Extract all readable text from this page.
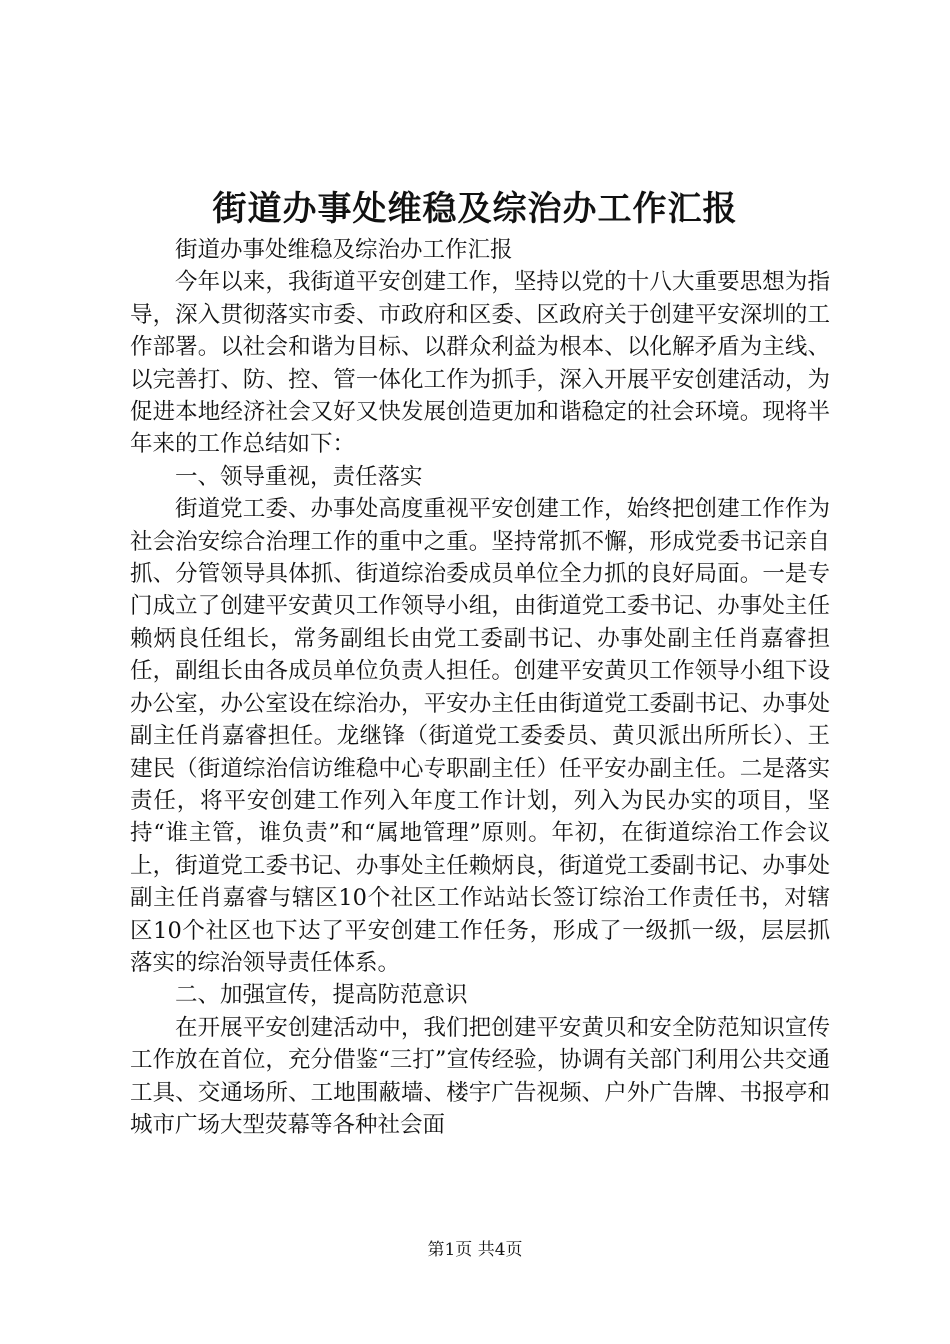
街道办事处维稳及综治办工作汇报

街道办事处维稳及综治办工作汇报

今年以来，我街道平安创建工作，坚持以党的十八大重要思想为指导，深入贯彻落实市委、市政府和区委、区政府关于创建平安深圳的工作部署。以社会和谐为目标、以群众利益为根本、以化解矛盾为主线、以完善打、防、控、管一体化工作为抓手，深入开展平安创建活动，为促进本地经济社会又好又快发展创造更加和谐稳定的社会环境。现将半年来的工作总结如下：

一、领导重视，责任落实

街道党工委、办事处高度重视平安创建工作，始终把创建工作作为社会治安综合治理工作的重中之重。坚持常抓不懈，形成党委书记亲自抓、分管领导具体抓、街道综治委成员单位全力抓的良好局面。一是专门成立了创建平安黄贝工作领导小组，由街道党工委书记、办事处主任赖炳良任组长，常务副组长由党工委副书记、办事处副主任肖嘉睿担任，副组长由各成员单位负责人担任。创建平安黄贝工作领导小组下设办公室，办公室设在综治办，平安办主任由街道党工委副书记、办事处副主任肖嘉睿担任。龙继锋（街道党工委委员、黄贝派出所所长）、王建民（街道综治信访维稳中心专职副主任）任平安办副主任。二是落实责任，将平安创建工作列入年度工作计划，列入为民办实的项目，坚持“谁主管，谁负责”和“属地管理”原则。年初，在街道综治工作会议上，街道党工委书记、办事处主任赖炳良，街道党工委副书记、办事处副主任肖嘉睿与辖区10个社区工作站站长签订综治工作责任书，对辖区10个社区也下达了平安创建工作任务，形成了一级抓一级，层层抓落实的综治领导责任体系。

二、加强宣传，提高防范意识

在开展平安创建活动中，我们把创建平安黄贝和安全防范知识宣传工作放在首位，充分借鉴“三打”宣传经验，协调有关部门利用公共交通工具、交通场所、工地围蔽墙、楼宇广告视频、户外广告牌、书报亭和城市广场大型荧幕等各种社会面

第1页 共4页
